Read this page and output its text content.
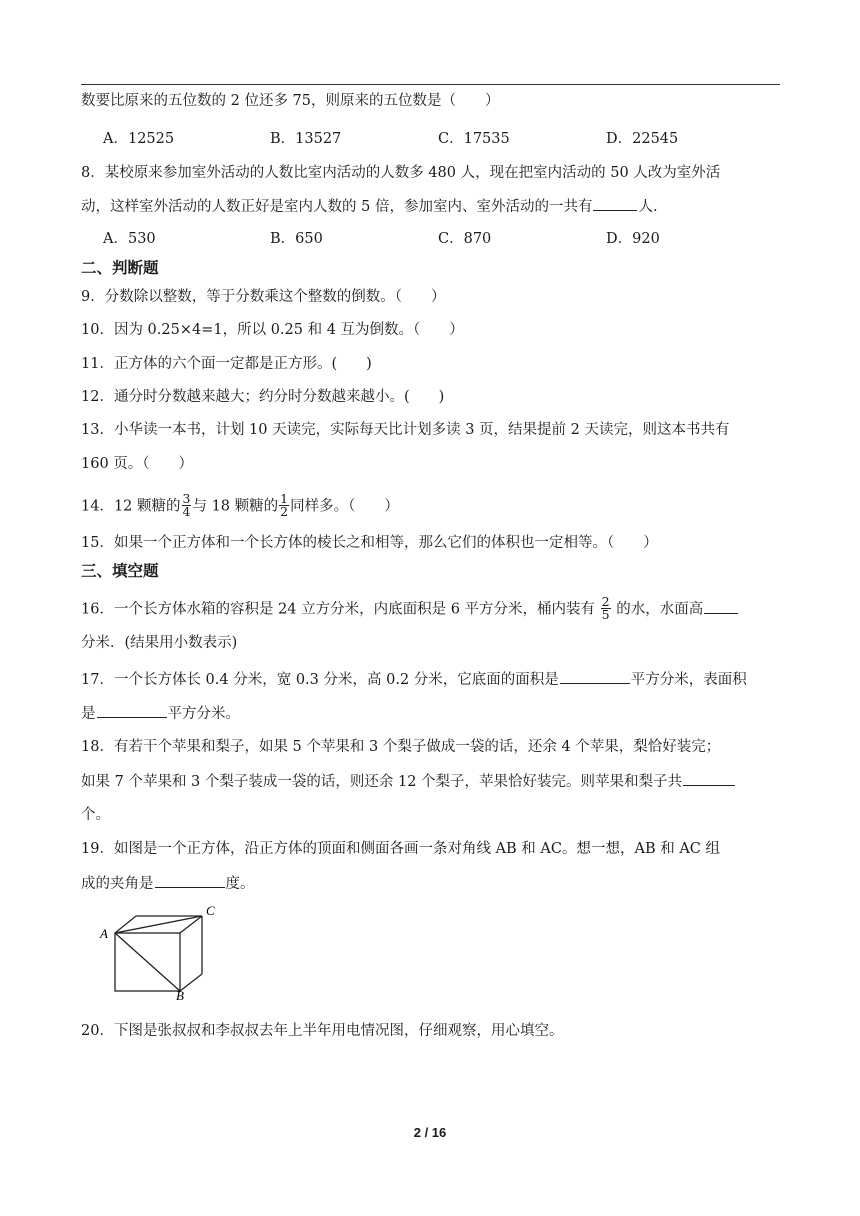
数要比原来的五位数的 2 位还多 75，则原来的五位数是（　　）
A．12525	B．13527	C．17535	D．22545
8．某校原来参加室外活动的人数比室内活动的人数多 480 人，现在把室内活动的 50 人改为室外活
动，这样室外活动的人数正好是室内人数的 5 倍，参加室内、室外活动的一共有	人.
A．530	B．650	C．870	D．920
二、判断题
9．分数除以整数，等于分数乘这个整数的倒数。（　　）
10．因为 0.25×4=1，所以 0.25 和 4 互为倒数。（　　）
11．正方体的六个面一定都是正方形。(　　)
12．通分时分数越来越大；约分时分数越来越小。(　　)
13．小华读一本书，计划 10 天读完，实际每天比计划多读 3 页，结果提前 2 天读完，则这本书共有
160 页。（　　）
14．12 颗糖的 $\frac{3}{4}$ 与 18 颗糖的 $\frac{1}{2}$ 同样多。（　　）
15．如果一个正方体和一个长方体的棱长之和相等，那么它们的体积也一定相等。（　　）
三、填空题
16．一个长方体水箱的容积是 24 立方分米，内底面积是 6 平方分米，桶内装有 $\frac{2}{5}$ 的水，水面高
分米．(结果用小数表示)
17．一个长方体长 0.4 分米，宽 0.3 分米，高 0.2 分米，它底面的面积是	平方分米，表面积
是	平方分米。
18．有若干个苹果和梨子，如果 5 个苹果和 3 个梨子做成一袋的话，还余 4 个苹果，梨恰好装完；
如果 7 个苹果和 3 个梨子装成一袋的话，则还余 12 个梨子，苹果恰好装完。则苹果和梨子共
个。
19．如图是一个正方体，沿正方体的顶面和侧面各画一条对角线 AB 和 AC。想一想，AB 和 AC 组
成的夹角是	度。
A
B
C
20．下图是张叔叔和李叔叔去年上半年用电情况图，仔细观察，用心填空。
2 / 16
